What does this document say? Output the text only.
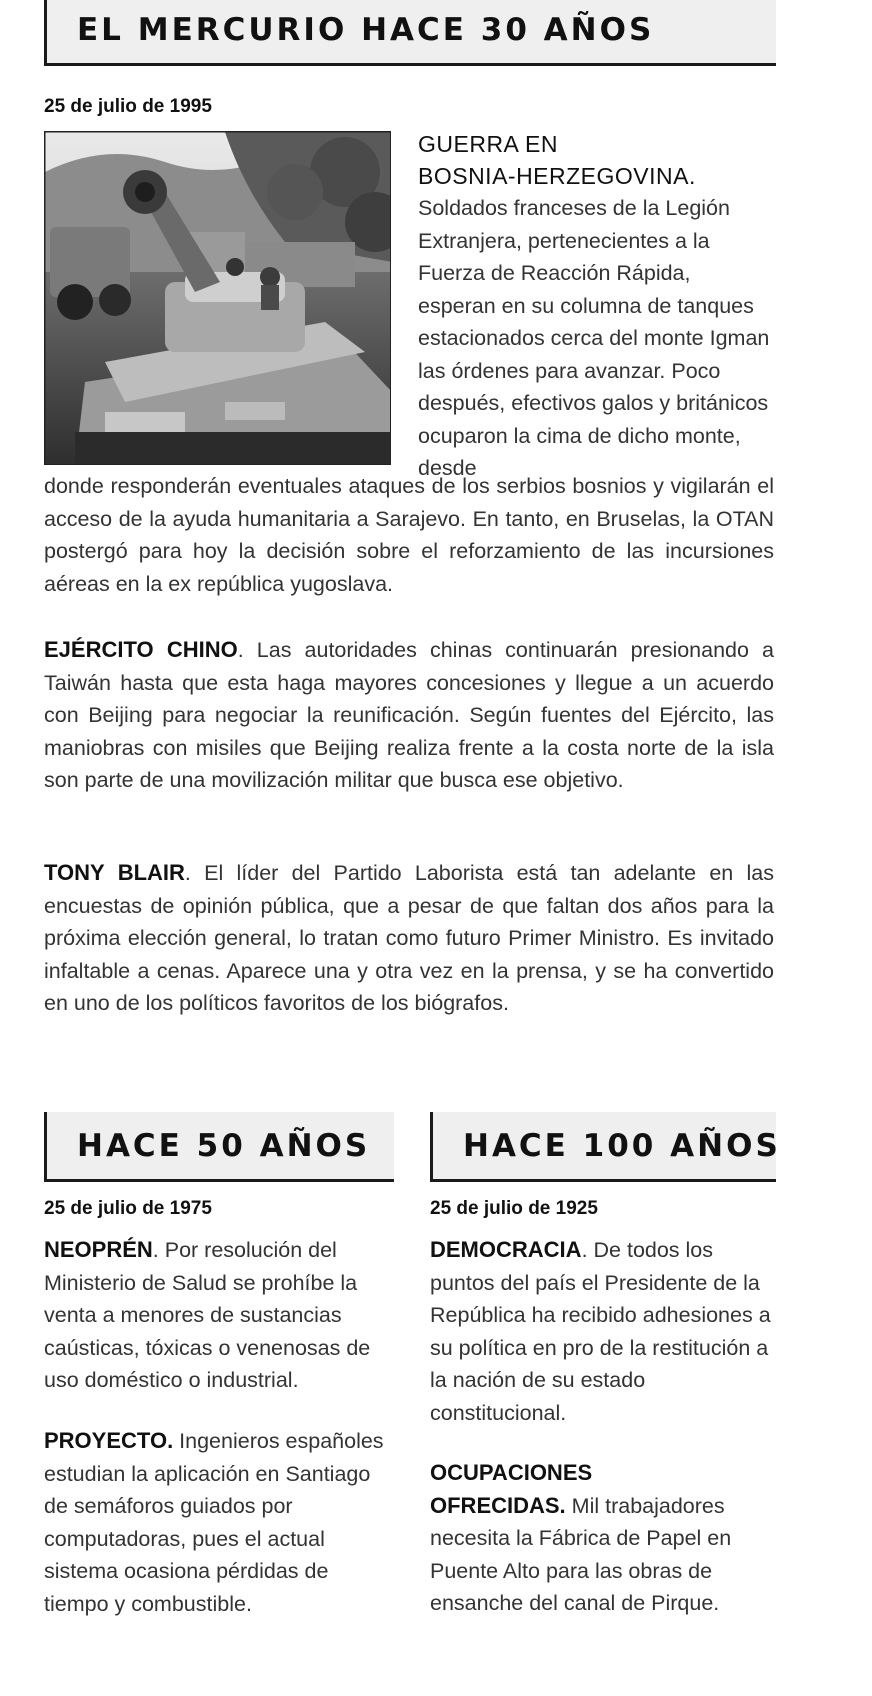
EL MERCURIO HACE 30 AÑOS
25 de julio de 1995
GUERRA EN
BOSNIA-HERZEGOVINA.
Soldados franceses de la Legión Extranjera, pertenecientes a la Fuerza de Reacción Rápida, esperan en su columna de tanques estacionados cerca del monte Igman las órdenes para avanzar. Poco después, efectivos galos y británicos ocuparon la cima de dicho monte, desde
donde responderán eventuales ataques de los serbios bosnios y vigilarán el acceso de la ayuda humanitaria a Sarajevo. En tanto, en Bruselas, la OTAN postergó para hoy la decisión sobre el reforzamiento de las incursiones aéreas en la ex república yugoslava.
EJÉRCITO CHINO. Las autoridades chinas continuarán presionando a Taiwán hasta que esta haga mayores concesiones y llegue a un acuerdo con Beijing para negociar la reunificación. Según fuentes del Ejército, las maniobras con misiles que Beijing realiza frente a la costa norte de la isla son parte de una movilización militar que busca ese objetivo.
TONY BLAIR. El líder del Partido Laborista está tan adelante en las encuestas de opinión pública, que a pesar de que faltan dos años para la próxima elección general, lo tratan como futuro Primer Ministro. Es invitado infaltable a cenas. Aparece una y otra vez en la prensa, y se ha convertido en uno de los políticos favoritos de los biógrafos.
HACE 50 AÑOS
25 de julio de 1975
NEOPRÉN. Por resolución del Ministerio de Salud se prohíbe la venta a menores de sustancias caústicas, tóxicas o venenosas de uso doméstico o industrial.
PROYECTO. Ingenieros españoles estudian la aplicación en Santiago de semáforos guiados por computadoras, pues el actual sistema ocasiona pérdidas de tiempo y combustible.
HACE 100 AÑOS
25 de julio de 1925
DEMOCRACIA. De todos los puntos del país el Presidente de la República ha recibido adhesiones a su política en pro de la restitución a la nación de su estado constitucional.
OCUPACIONES
OFRECIDAS. Mil trabajadores necesita la Fábrica de Papel en Puente Alto para las obras de ensanche del canal de Pirque.
